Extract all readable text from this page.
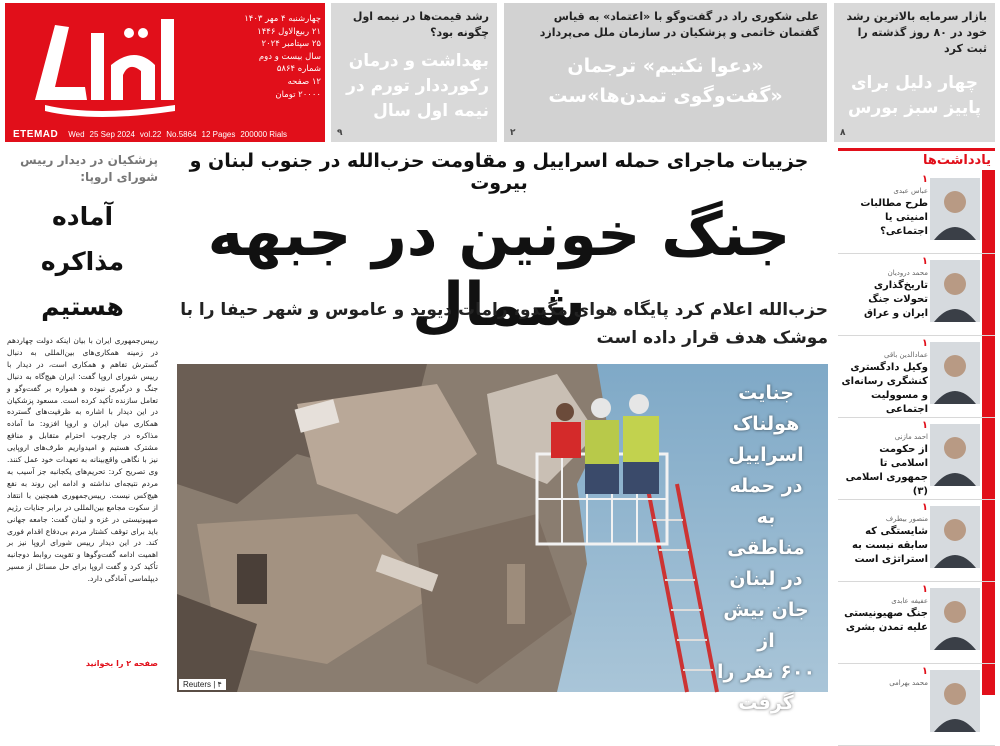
چهارشنبه ۴ مهر ۱۴۰۳
۲۱ ربیع‌الاول ۱۴۴۶
۲۵ سپتامبر ۲۰۲۴
سال بیست و دوم
شماره ۵۸۶۴
۱۲ صفحه
۲۰۰۰۰ تومان
ETEMAD Wed 25 Sep 2024 vol.22 No.5864 12 Pages 200000 Rials
رشد قیمت‌ها در نیمه اول چگونه بود؟
بهداشت و درمان رکورددار تورم در نیمه اول سال
۹
علی شکوری راد در گفت‌وگو با «اعتماد» به قیاس گفتمان خاتمی و پزشکیان در سازمان ملل می‌پردازد
«دعوا نکنیم» ترجمان «گفت‌وگوی تمدن‌ها»ست
۲
بازار سرمایه بالاترین رشد خود در ۸۰ روز گذشته را ثبت کرد
چهار دلیل برای پاییز سبز بورس
۸
پزشکیان در دیدار رییس شورای اروپا:
آماده
مذاکره
هستیم
رییس‌جمهوری ایران با بیان اینکه دولت چهاردهم در زمینه همکاری‌های بین‌المللی به دنبال گسترش تفاهم و همکاری است، در دیدار با رییس شورای اروپا گفت: ایران هیچ‌گاه به دنبال جنگ و درگیری نبوده و همواره بر گفت‌وگو و تعامل سازنده تأکید کرده است. مسعود پزشکیان در این دیدار با اشاره به ظرفیت‌های گسترده همکاری میان ایران و اروپا افزود: ما آماده مذاکره در چارچوب احترام متقابل و منافع مشترک هستیم و امیدواریم طرف‌های اروپایی نیز با نگاهی واقع‌بینانه به تعهدات خود عمل کنند. وی تصریح کرد: تحریم‌های یکجانبه جز آسیب به مردم نتیجه‌ای نداشته و ادامه این روند به نفع هیچ‌کس نیست. رییس‌جمهوری همچنین با انتقاد از سکوت مجامع بین‌المللی در برابر جنایات رژیم صهیونیستی در غزه و لبنان گفت: جامعه جهانی باید برای توقف کشتار مردم بی‌دفاع اقدام فوری کند. در این دیدار رییس شورای اروپا نیز بر اهمیت ادامه گفت‌وگوها و تقویت روابط دوجانبه تأکید کرد و گفت اروپا برای حل مسائل از مسیر دیپلماسی آمادگی دارد.
صفحه ۲ را بخوانید
جزییات ماجرای حمله اسراییل و مقاومت حزب‌الله در جنوب لبنان و بیروت
جنگ خونین در جبهه شمال
حزب‌الله اعلام کرد پایگاه هوای مگیدو، رامات دیوید و عاموس و شهر حیفا را با موشک هدف قرار داده است
جنایت
هولناک
اسراییل
در حمله
به مناطقی
در لبنان
جان بیش از
۶۰۰ نفر را
گرفت
Reuters | ۴
یادداشت‌ها
۱
عباس عبدی
طرح مطالبات امنیتی یا اجتماعی؟
۱
محمد درودیان
تاریخ‌گذاری تحولات جنگ ایران و عراق
۱
عمادالدین باقی
وکیل دادگستری کنشگری رسانه‌ای و مسوولیت اجتماعی
۱
احمد مازنی
از حکومت اسلامی تا جمهوری اسلامی (۳)
۱
منصور بیطرف
شایستگی که سابقه نیست به استراتژی است
۱
عفیفه عابدی
جنگ صهیونیستی علیه تمدن بشری
۱
محمد بهرامی
